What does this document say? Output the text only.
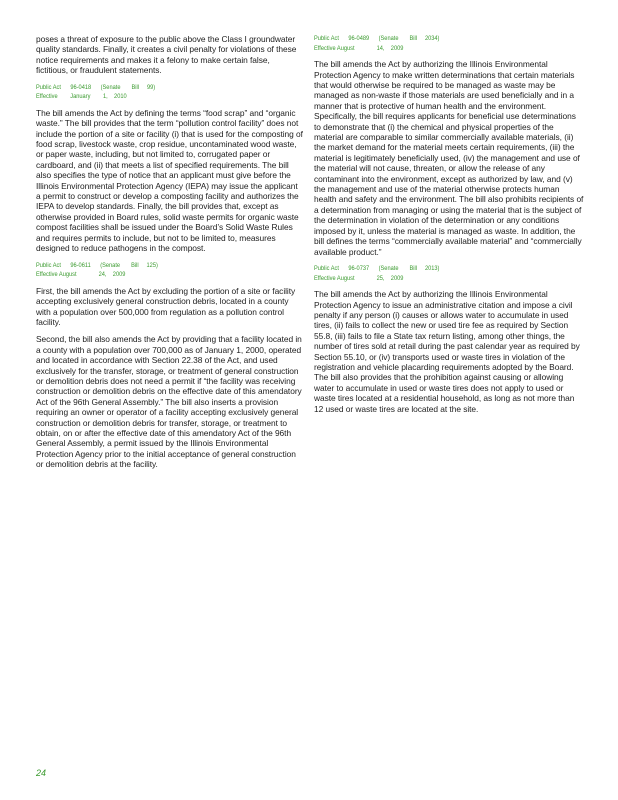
poses a threat of exposure to the public above the Class I groundwater quality standards. Finally, it creates a civil penalty for violations of these notice requirements and makes it a felony to make certain false, fictitious, or fraudulent statements.

Public Act      96-0418      (Senate       Bill     99)
Effective        January        1,    2010

The bill amends the Act by defining the terms “food scrap” and “organic waste.” The bill provides that the term “pollution control facility” does not include the portion of a site or facility (i) that is used for the composting of food scrap, livestock waste, crop residue, uncontaminated wood waste, or paper waste, including, but not limited to, corrugated paper or cardboard, and (ii) that meets a list of specified requirements. The bill also specifies the type of notice that an applicant must give before the Illinois Environmental Protection Agency (IEPA) may issue the applicant a permit to construct or develop a composting facility and authorizes the IEPA to develop standards. Finally, the bill provides that, except as otherwise provided in Board rules, solid waste permits for organic waste compost facilities shall be issued under the Board’s Solid Waste Rules and requires permits to include, but not to be limited to, measures designed to reduce pathogens in the compost.

Public Act      96-0611      (Senate       Bill     125)
Effective August              24,    2009

First, the bill amends the Act by excluding the portion of a site or facility accepting exclusively general construction debris, located in a county with a population over 500,000 from regulation as a pollution control facility.

Second, the bill also amends the Act by providing that a facility located in a county with a population over 700,000 as of January 1, 2000, operated and located in accordance with Section 22.38 of the Act, and used exclusively for the transfer, storage, or treatment of general construction or demolition debris does not need a permit if “the facility was receiving construction or demolition debris on the effective date of this amendatory Act of the 96th General Assembly.” The bill also inserts a provision requiring an owner or operator of a facility accepting exclusively general construction or demolition debris for transfer, storage, or treatment to obtain, on or after the effective date of this amendatory Act of the 96th General Assembly, a permit issued by the Illinois Environmental Protection Agency prior to the initial acceptance of general construction or demolition debris at the facility.

Public Act      96-0489      (Senate       Bill     2034)
Effective August              14,    2009

The bill amends the Act by authorizing the Illinois Environmental Protection Agency to make written determinations that certain materials that would otherwise be required to be managed as waste may be managed as non-waste if those materials are used beneficially and in a manner that is protective of human health and the environment. Specifically, the bill requires applicants for beneficial use determinations to demonstrate that (i) the chemical and physical properties of the material are comparable to similar commercially available materials, (ii) the market demand for the material meets certain requirements, (iii) the material is legitimately beneficially used, (iv) the management and use of the material will not cause, threaten, or allow the release of any contaminant into the environment, except as authorized by law, and (v) the management and use of the material otherwise protects human health and safety and the environment. The bill also prohibits recipients of a determination from managing or using the material that is the subject of the determination in violation of the determination or any conditions imposed by it, unless the material is managed as waste. In addition, the bill defines the terms “commercially available material” and “commercially available product.”

Public Act      96-0737      (Senate       Bill     2013)
Effective August              25,    2009

The bill amends the Act by authorizing the Illinois Environmental Protection Agency to issue an administrative citation and impose a civil penalty if any person (i) causes or allows water to accumulate in used tires, (ii) fails to collect the new or used tire fee as required by Section 55.8, (iii) fails to file a State tax return listing, among other things, the number of tires sold at retail during the past calendar year as required by Section 55.10, or (iv) transports used or waste tires in violation of the registration and vehicle placarding requirements adopted by the Board. The bill also provides that the prohibition against causing or allowing water to accumulate in used or waste tires does not apply to used or waste tires located at a residential household, as long as not more than 12 used or waste tires are located at the site.

24
